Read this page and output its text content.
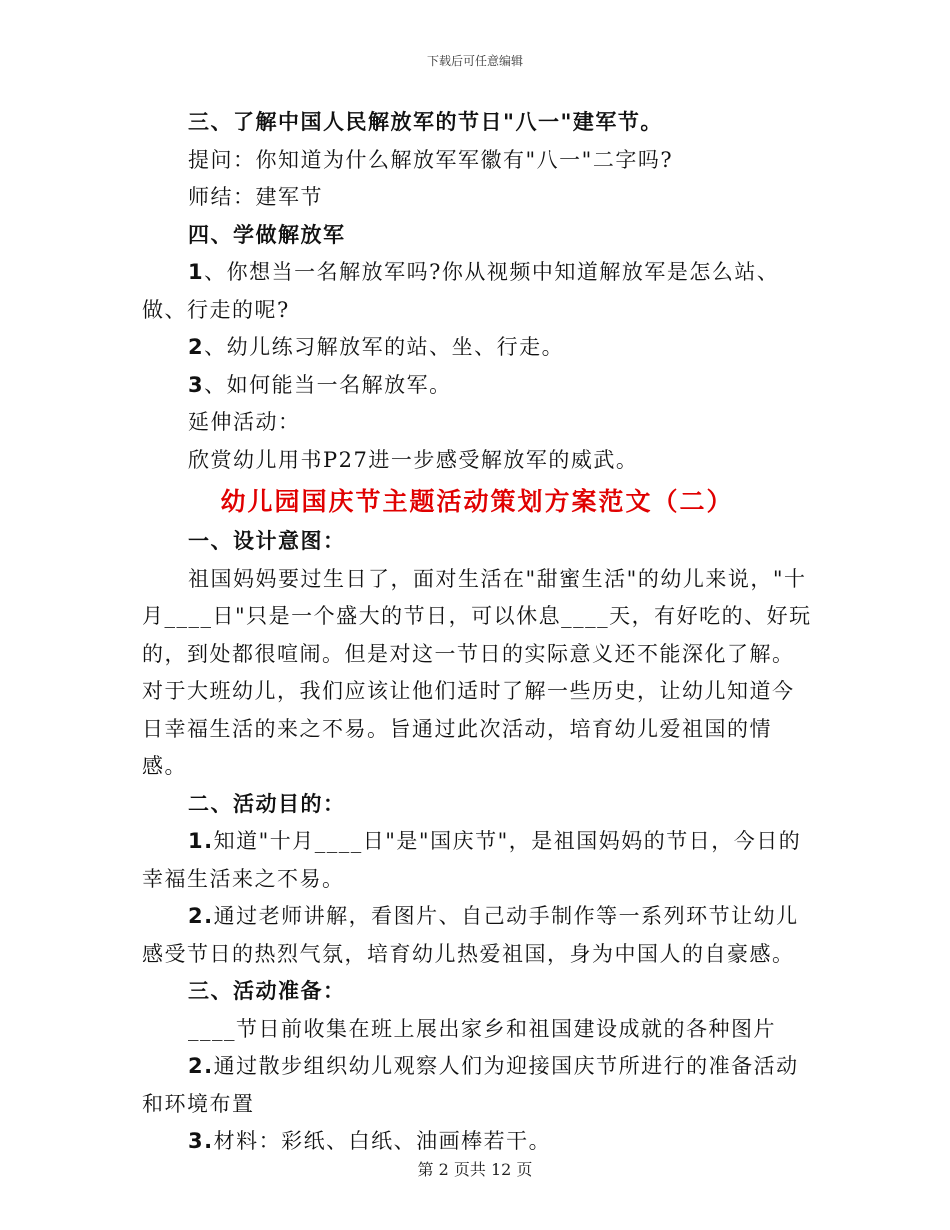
下载后可任意编辑

三、了解中国人民解放军的节日"八一"建军节。

提问：你知道为什么解放军军徽有"八一"二字吗?

师结：建军节

四、学做解放军

1、你想当一名解放军吗?你从视频中知道解放军是怎么站、做、行走的呢?

2、幼儿练习解放军的站、坐、行走。

3、如何能当一名解放军。

延伸活动：

欣赏幼儿用书P27进一步感受解放军的威武。

幼儿园国庆节主题活动策划方案范文（二）

一、设计意图：

祖国妈妈要过生日了，面对生活在"甜蜜生活"的幼儿来说，"十月____日"只是一个盛大的节日，可以休息____天，有好吃的、好玩的，到处都很喧闹。但是对这一节日的实际意义还不能深化了解。对于大班幼儿，我们应该让他们适时了解一些历史，让幼儿知道今日幸福生活的来之不易。旨通过此次活动，培育幼儿爱祖国的情感。

二、活动目的：

1.知道"十月____日"是"国庆节"，是祖国妈妈的节日，今日的幸福生活来之不易。

2.通过老师讲解，看图片、自己动手制作等一系列环节让幼儿感受节日的热烈气氛，培育幼儿热爱祖国，身为中国人的自豪感。

三、活动准备：

____节日前收集在班上展出家乡和祖国建设成就的各种图片

2.通过散步组织幼儿观察人们为迎接国庆节所进行的准备活动和环境布置

3.材料：彩纸、白纸、油画棒若干。

第 2 页共 12 页
